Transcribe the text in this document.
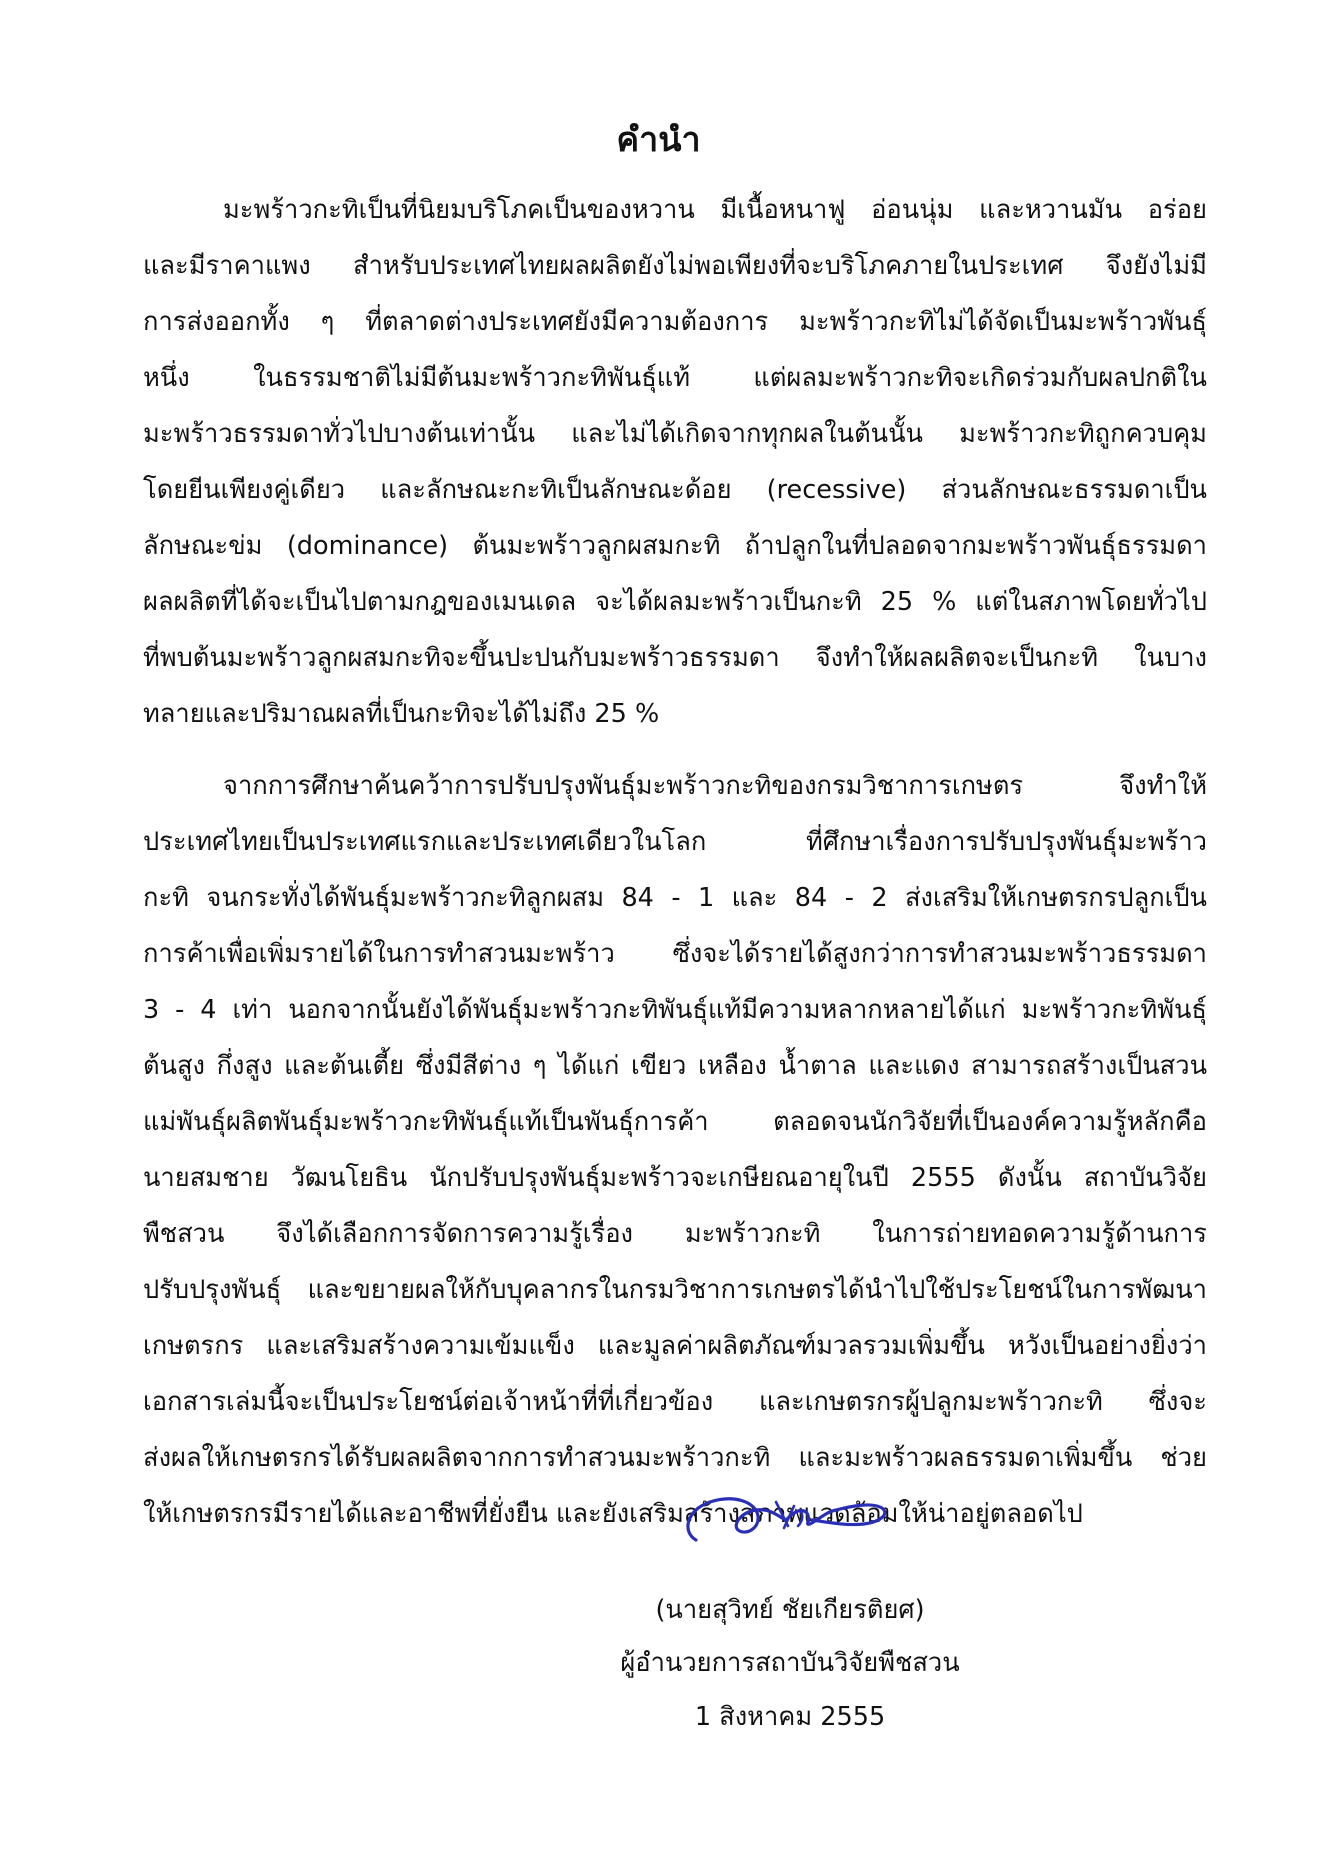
คำนำ
มะพร้าวกะทิเป็นที่นิยมบริโภคเป็นของหวาน มีเนื้อหนาฟู อ่อนนุ่ม และหวานมัน อร่อย
และมีราคาแพง สำหรับประเทศไทยผลผลิตยังไม่พอเพียงที่จะบริโภคภายในประเทศ จึงยังไม่มี
การส่งออกทั้ง ๆ ที่ตลาดต่างประเทศยังมีความต้องการ มะพร้าวกะทิไม่ได้จัดเป็นมะพร้าวพันธุ์
หนึ่ง ในธรรมชาติไม่มีต้นมะพร้าวกะทิพันธุ์แท้ แต่ผลมะพร้าวกะทิจะเกิดร่วมกับผลปกติใน
มะพร้าวธรรมดาทั่วไปบางต้นเท่านั้น และไม่ได้เกิดจากทุกผลในต้นนั้น มะพร้าวกะทิถูกควบคุม
โดยยีนเพียงคู่เดียว และลักษณะกะทิเป็นลักษณะด้อย (recessive) ส่วนลักษณะธรรมดาเป็น
ลักษณะข่ม (dominance) ต้นมะพร้าวลูกผสมกะทิ ถ้าปลูกในที่ปลอดจากมะพร้าวพันธุ์ธรรมดา
ผลผลิตที่ได้จะเป็นไปตามกฎของเมนเดล จะได้ผลมะพร้าวเป็นกะทิ 25 % แต่ในสภาพโดยทั่วไป
ที่พบต้นมะพร้าวลูกผสมกะทิจะขึ้นปะปนกับมะพร้าวธรรมดา จึงทำให้ผลผลิตจะเป็นกะทิ ในบาง
ทลายและปริมาณผลที่เป็นกะทิจะได้ไม่ถึง 25 %
จากการศึกษาค้นคว้าการปรับปรุงพันธุ์มะพร้าวกะทิของกรมวิชาการเกษตร จึงทำให้
ประเทศไทยเป็นประเทศแรกและประเทศเดียวในโลก ที่ศึกษาเรื่องการปรับปรุงพันธุ์มะพร้าว
กะทิ จนกระทั่งได้พันธุ์มะพร้าวกะทิลูกผสม 84 - 1 และ 84 - 2 ส่งเสริมให้เกษตรกรปลูกเป็น
การค้าเพื่อเพิ่มรายได้ในการทำสวนมะพร้าว ซึ่งจะได้รายได้สูงกว่าการทำสวนมะพร้าวธรรมดา
3 - 4 เท่า นอกจากนั้นยังได้พันธุ์มะพร้าวกะทิพันธุ์แท้มีความหลากหลายได้แก่ มะพร้าวกะทิพันธุ์
ต้นสูง กึ่งสูง และต้นเตี้ย ซึ่งมีสีต่าง ๆ ได้แก่ เขียว เหลือง น้ำตาล และแดง สามารถสร้างเป็นสวน
แม่พันธุ์ผลิตพันธุ์มะพร้าวกะทิพันธุ์แท้เป็นพันธุ์การค้า ตลอดจนนักวิจัยที่เป็นองค์ความรู้หลักคือ
นายสมชาย วัฒนโยธิน นักปรับปรุงพันธุ์มะพร้าวจะเกษียณอายุในปี 2555 ดังนั้น สถาบันวิจัย
พืชสวน จึงได้เลือกการจัดการความรู้เรื่อง มะพร้าวกะทิ ในการถ่ายทอดความรู้ด้านการ
ปรับปรุงพันธุ์ และขยายผลให้กับบุคลากรในกรมวิชาการเกษตรได้นำไปใช้ประโยชน์ในการพัฒนา
เกษตรกร และเสริมสร้างความเข้มแข็ง และมูลค่าผลิตภัณฑ์มวลรวมเพิ่มขึ้น หวังเป็นอย่างยิ่งว่า
เอกสารเล่มนี้จะเป็นประโยชน์ต่อเจ้าหน้าที่ที่เกี่ยวข้อง และเกษตรกรผู้ปลูกมะพร้าวกะทิ ซึ่งจะ
ส่งผลให้เกษตรกรได้รับผลผลิตจากการทำสวนมะพร้าวกะทิ และมะพร้าวผลธรรมดาเพิ่มขึ้น ช่วย
ให้เกษตรกรมีรายได้และอาชีพที่ยั่งยืน และยังเสริมสร้างสภาพแวดล้อมให้น่าอยู่ตลอดไป
(นายสุวิทย์ ชัยเกียรติยศ)
ผู้อำนวยการสถาบันวิจัยพืชสวน
1 สิงหาคม 2555
